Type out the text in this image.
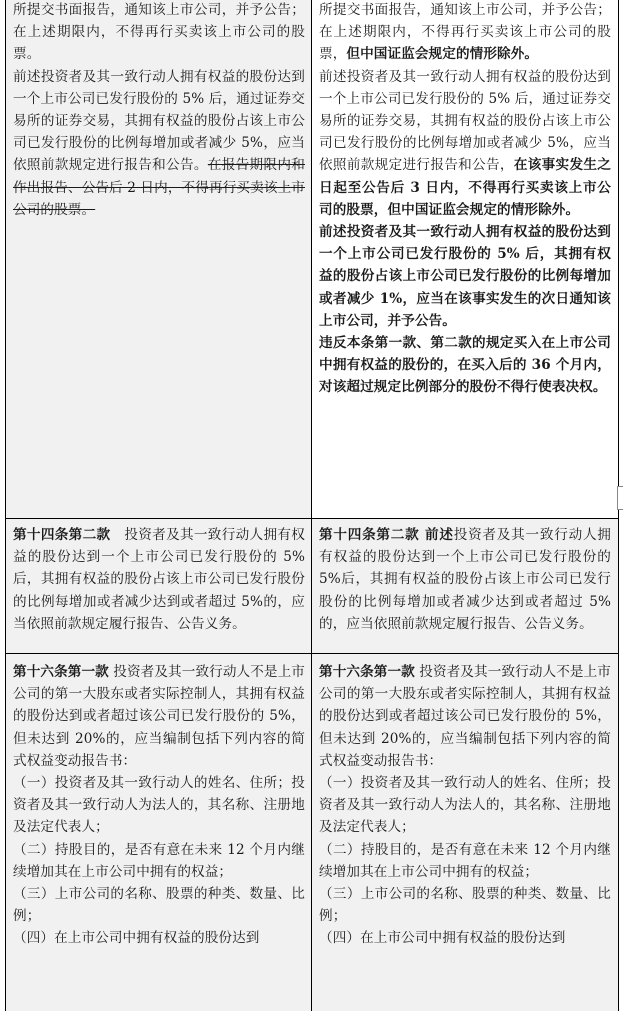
所提交书面报告，通知该上市公司，并予公告；在上述期限内，不得再行买卖该上市公司的股票。

前述投资者及其一致行动人拥有权益的股份达到一个上市公司已发行股份的 5% 后，通过证券交易所的证券交易，其拥有权益的股份占该上市公司已发行股份的比例每增加或者减少 5%，应当依照前款规定进行报告和公告。在报告期限内和作出报告、公告后 2 日内，不得再行买卖该上市公司的股票。

所提交书面报告，通知该上市公司，并予公告；在上述期限内，不得再行买卖该上市公司的股票，但中国证监会规定的情形除外。

前述投资者及其一致行动人拥有权益的股份达到一个上市公司已发行股份的 5% 后，通过证券交易所的证券交易，其拥有权益的股份占该上市公司已发行股份的比例每增加或者减少 5%，应当依照前款规定进行报告和公告，在该事实发生之日起至公告后 3 日内，不得再行买卖该上市公司的股票，但中国证监会规定的情形除外。

前述投资者及其一致行动人拥有权益的股份达到一个上市公司已发行股份的 5% 后，其拥有权益的股份占该上市公司已发行股份的比例每增加或者减少 1%，应当在该事实发生的次日通知该上市公司，并予公告。

违反本条第一款、第二款的规定买入在上市公司中拥有权益的股份的，在买入后的 36 个月内，对该超过规定比例部分的股份不得行使表决权。

第十四条第二款　投资者及其一致行动人拥有权益的股份达到一个上市公司已发行股份的 5%后，其拥有权益的股份占该上市公司已发行股份的比例每增加或者减少达到或者超过 5%的，应当依照前款规定履行报告、公告义务。

第十四条第二款 前述投资者及其一致行动人拥有权益的股份达到一个上市公司已发行股份的 5%后，其拥有权益的股份占该上市公司已发行股份的比例每增加或者减少达到或者超过 5%的，应当依照前款规定履行报告、公告义务。

第十六条第一款 投资者及其一致行动人不是上市公司的第一大股东或者实际控制人，其拥有权益的股份达到或者超过该公司已发行股份的 5%，但未达到 20%的，应当编制包括下列内容的简式权益变动报告书：

（一）投资者及其一致行动人的姓名、住所；投资者及其一致行动人为法人的，其名称、注册地及法定代表人；

（二）持股目的，是否有意在未来 12 个月内继续增加其在上市公司中拥有的权益；

（三）上市公司的名称、股票的种类、数量、比例；

（四）在上市公司中拥有权益的股份达到

第十六条第一款 投资者及其一致行动人不是上市公司的第一大股东或者实际控制人，其拥有权益的股份达到或者超过该公司已发行股份的 5%，但未达到 20%的，应当编制包括下列内容的简式权益变动报告书：

（一）投资者及其一致行动人的姓名、住所；投资者及其一致行动人为法人的，其名称、注册地及法定代表人；

（二）持股目的，是否有意在未来 12 个月内继续增加其在上市公司中拥有的权益；

（三）上市公司的名称、股票的种类、数量、比例；

（四）在上市公司中拥有权益的股份达到
